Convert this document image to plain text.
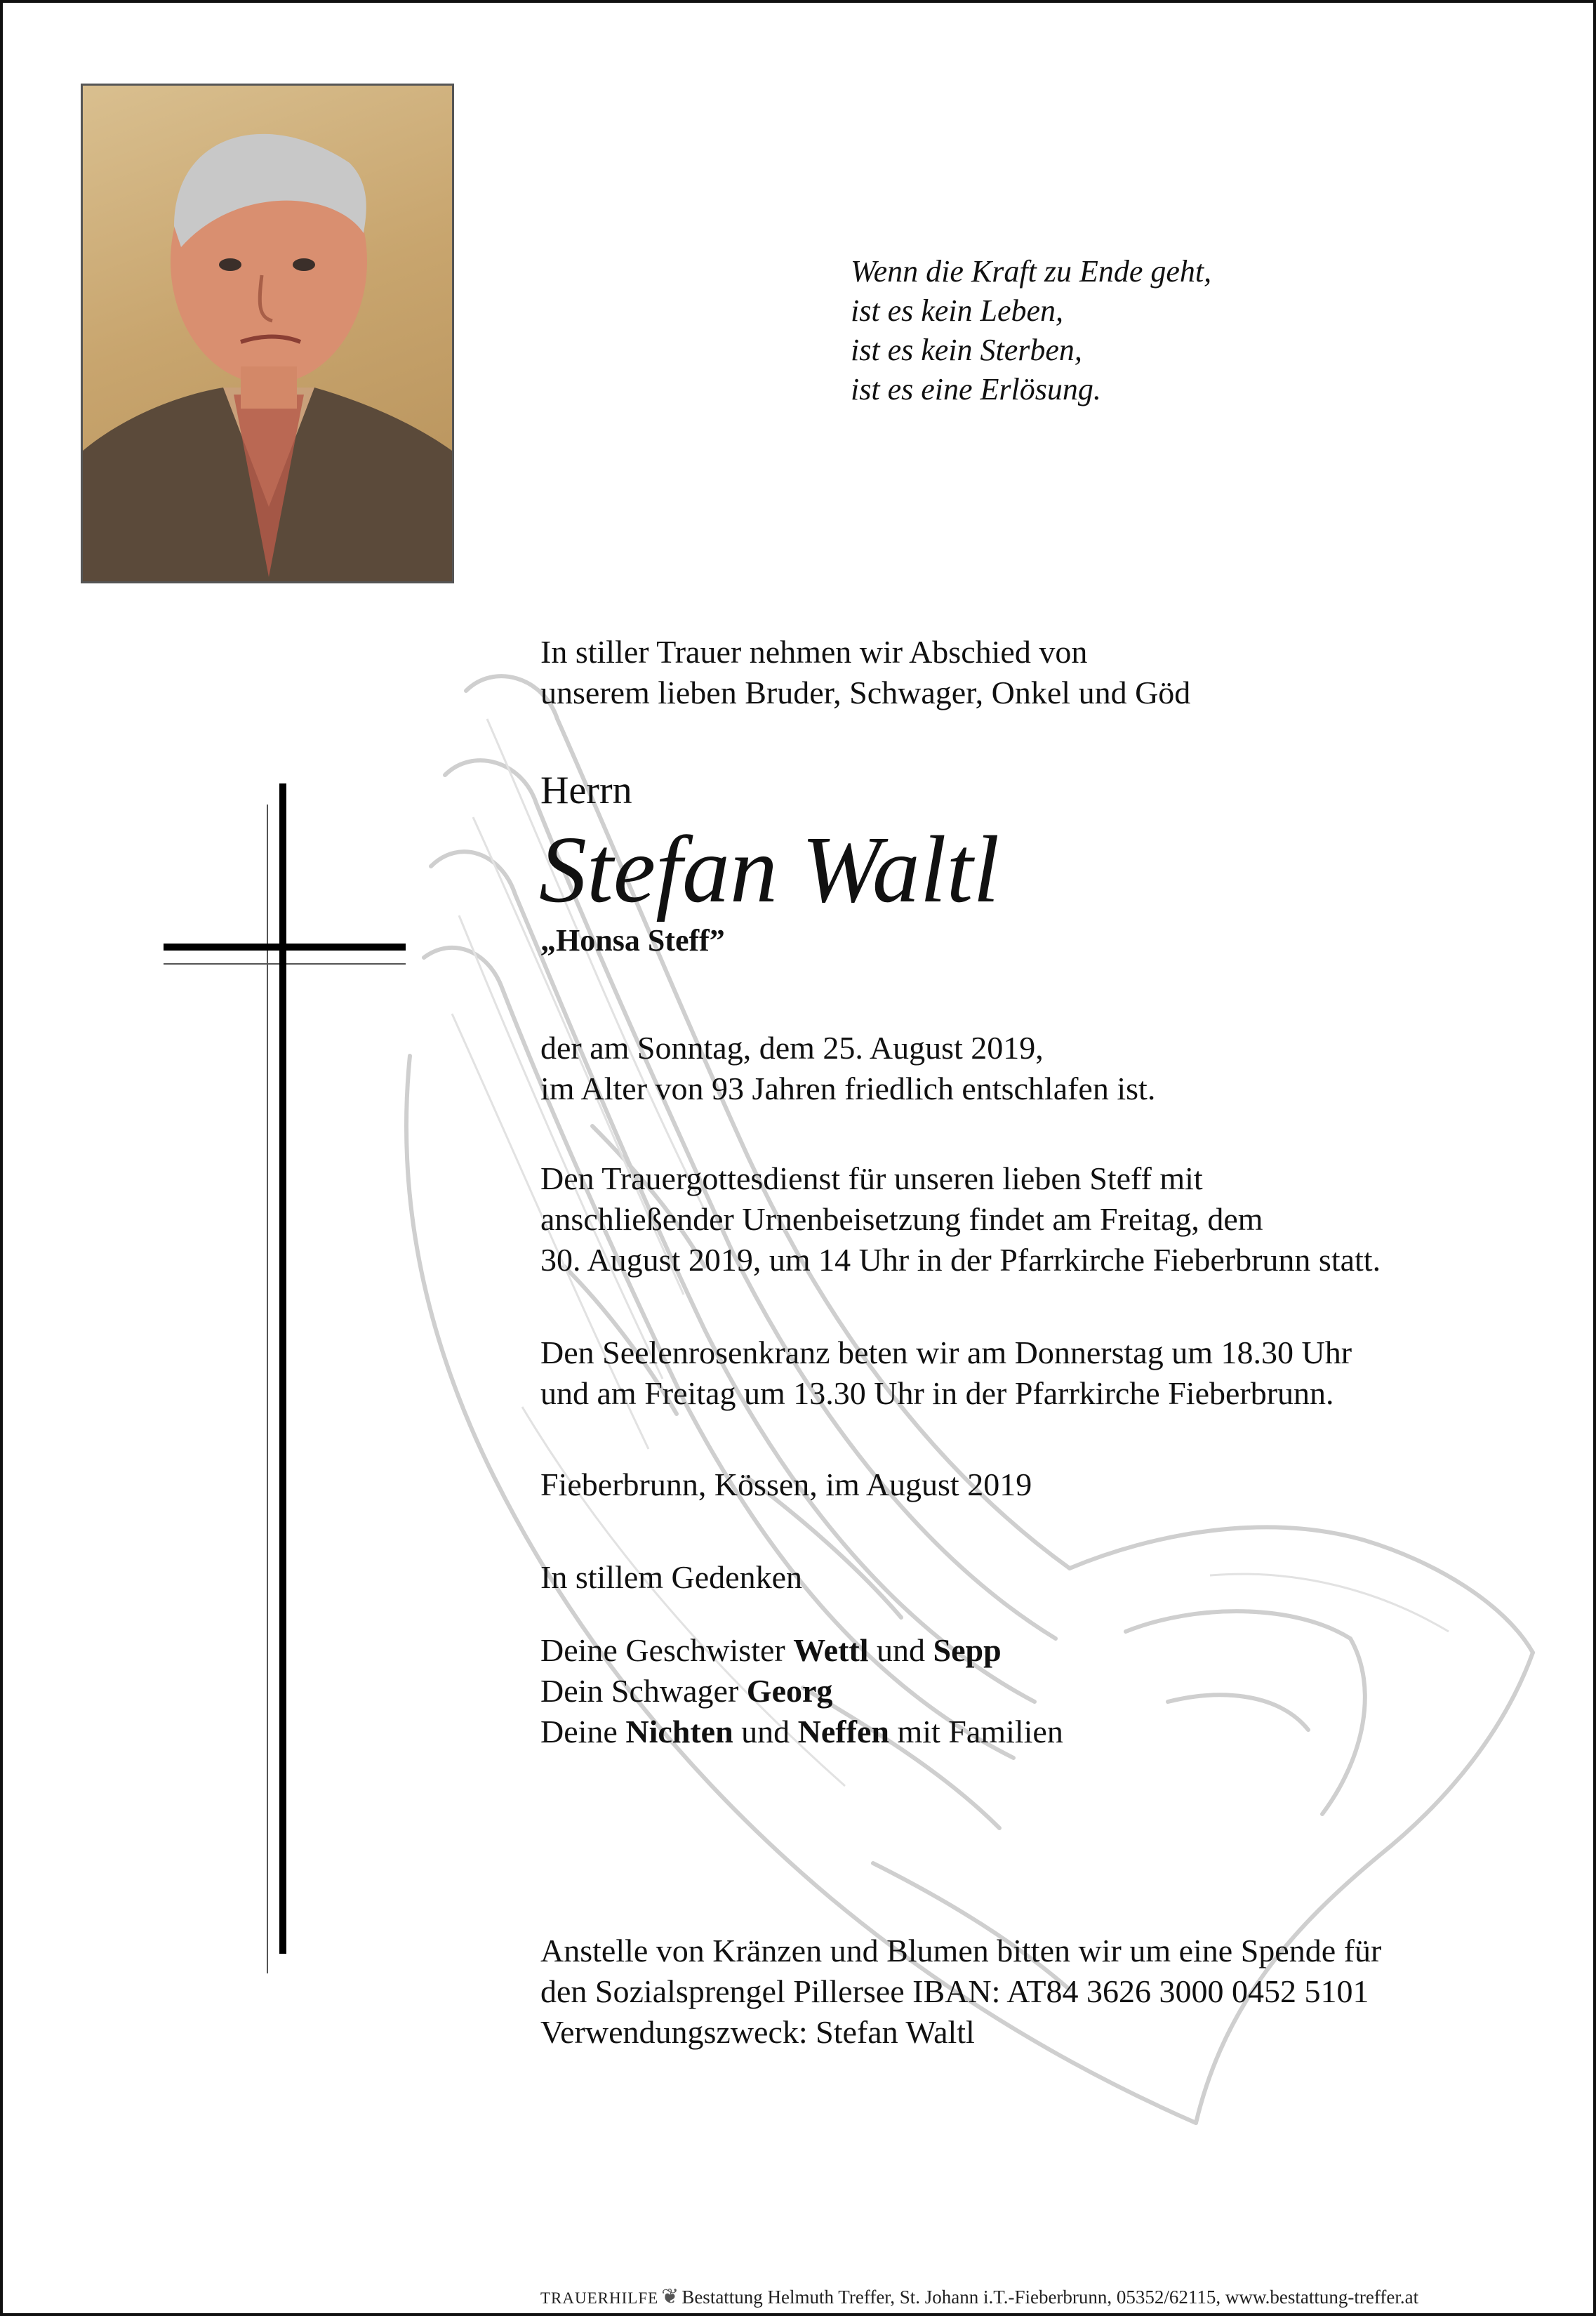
Wenn die Kraft zu Ende geht,
ist es kein Leben,
ist es kein Sterben,
ist es eine Erlösung.

In stiller Trauer nehmen wir Abschied von

unserem lieben Bruder, Schwager, Onkel und Göd

Herrn
Stefan Waltl
„Honsa Steff”

der am Sonntag, dem 25. August 2019,

im Alter von 93 Jahren friedlich entschlafen ist.

Den Trauergottesdienst für unseren lieben Steff mit

anschließender Urnenbeisetzung findet am Freitag, dem

30. August 2019, um 14 Uhr in der Pfarrkirche Fieberbrunn statt.

Den Seelenrosenkranz beten wir am Donnerstag um 18.30 Uhr

und am Freitag um 13.30 Uhr in der Pfarrkirche Fieberbrunn.

Fieberbrunn, Kössen, im August 2019

In stillem Gedenken

Deine Geschwister Wettl und Sepp

Dein Schwager Georg

Deine Nichten und Neffen mit Familien

Anstelle von Kränzen und Blumen bitten wir um eine Spende für

den Sozialsprengel Pillersee IBAN: AT84 3626 3000 0452 5101

Verwendungszweck: Stefan Waltl

TRAUERHILFE ❦ Bestattung Helmuth Treffer, St. Johann i.T.-Fieberbrunn, 05352/62115, www.bestattung-treffer.at
